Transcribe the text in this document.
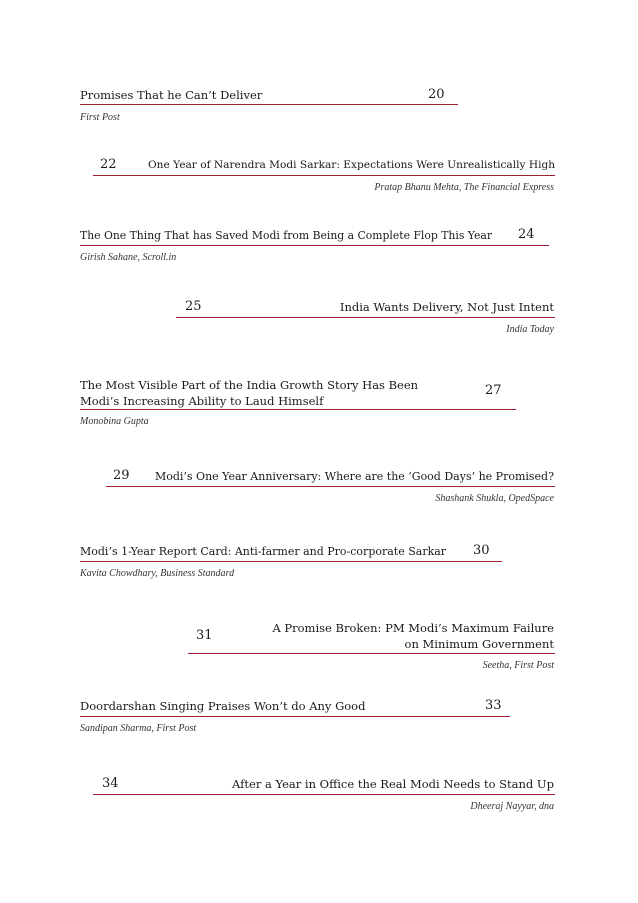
Promises That he Can’t Deliver	20
First Post
22	One Year of Narendra Modi Sarkar: Expectations Were Unrealistically High
Pratap Bhanu Mehta, The Financial Express
The One Thing That has Saved Modi from Being a Complete Flop This Year 24
Girish Sahane, Scroll.in
25	India Wants Delivery, Not Just Intent
India Today
The Most Visible Part of the India Growth Story Has Been Modi’s Increasing Ability to Laud Himself
27
Monobina Gupta
29 Modi’s One Year Anniversary: Where are the ‘Good Days’ he Promised?
Shashank Shukla, OpedSpace
Modi’s 1-Year Report Card: Anti-farmer and Pro-corporate Sarkar 30
Kavita Chowdhary, Business Standard
31	A Promise Broken: PM Modi’s Maximum Failure on Minimum Government
Seetha, First Post
Doordarshan Singing Praises Won’t do Any Good	33
Sandipan Sharma, First Post
34	After a Year in Office the Real Modi Needs to Stand Up
Dheeraj Nayyar, dna
